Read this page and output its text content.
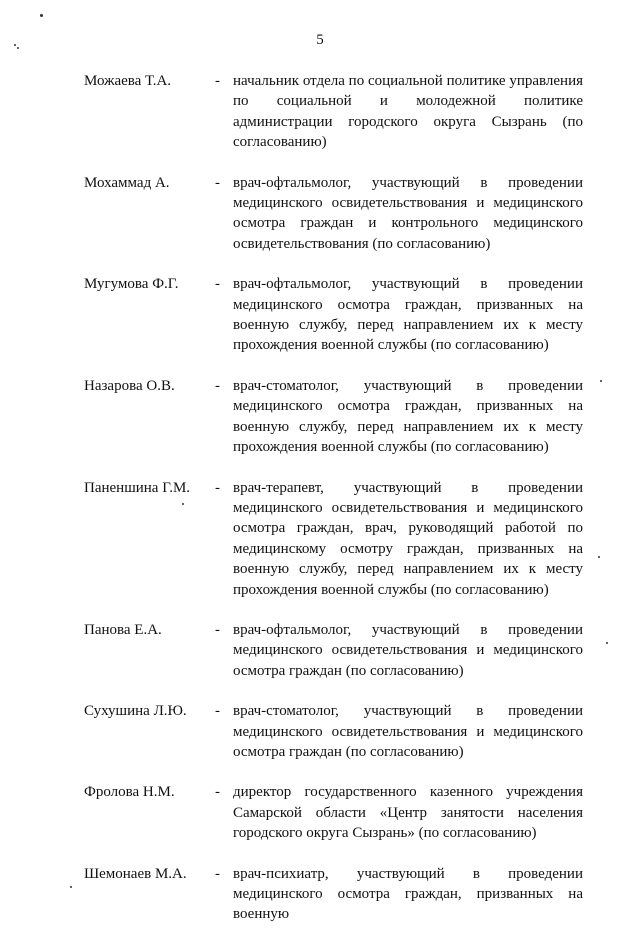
5
Можаева Т.А.	- начальник отдела по социальной политике управления по социальной и молодежной политике администрации городского округа Сызрань (по согласованию)
Мохаммад А.	- врач-офтальмолог, участвующий в проведении медицинского освидетельствования и медицинского осмотра граждан и контрольного медицинского освидетельствования (по согласованию)
Мугумова Ф.Г. - врач-офтальмолог, участвующий в проведении медицинского осмотра граждан, призванных на военную службу, перед направлением их к месту прохождения военной службы (по согласованию)
Назарова О.В.	- врач-стоматолог, участвующий в проведении медицинского осмотра граждан, призванных на военную службу, перед направлением их к месту прохождения военной службы (по согласованию)
Паненшина Г.М. - врач-терапевт, участвующий в проведении медицинского освидетельствования и медицинского осмотра граждан, врач, руководящий работой по медицинскому осмотру граждан, призванных на военную службу, перед направлением их к месту прохождения военной службы (по согласованию)
Панова Е.А.	- врач-офтальмолог, участвующий в проведении медицинского освидетельствования и медицинского осмотра граждан (по согласованию)
Сухушина Л.Ю. - врач-стоматолог, участвующий в проведении медицинского освидетельствования и медицинского осмотра граждан (по согласованию)
Фролова Н.М.	- директор государственного казенного учреждения Самарской области «Центр занятости населения городского округа Сызрань» (по согласованию)
Шемонаев М.А. - врач-психиатр, участвующий в проведении медицинского осмотра граждан, призванных на военную
